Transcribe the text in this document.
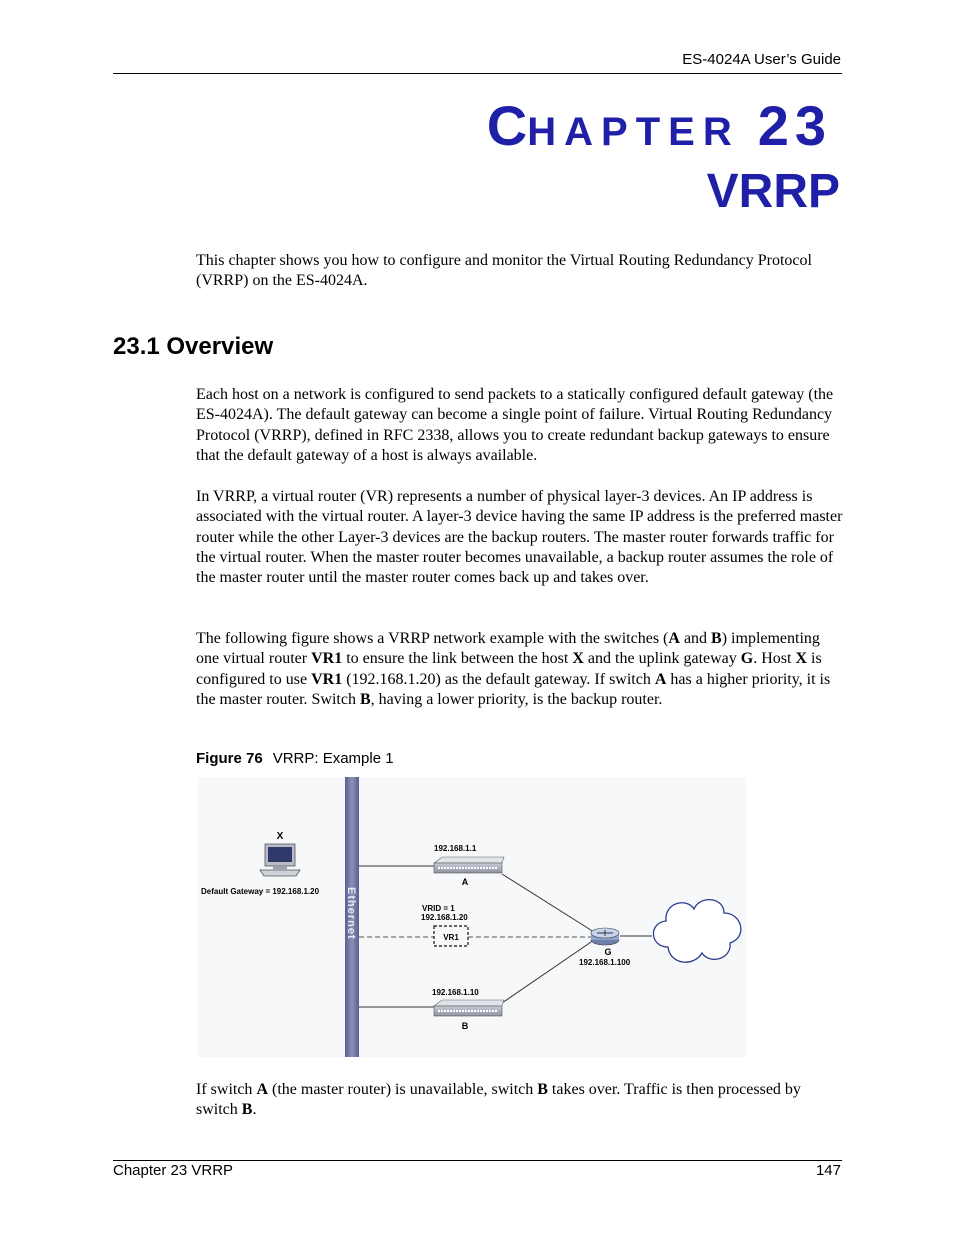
ES-4024A User’s Guide
CHAPTER 23
VRRP
This chapter shows you how to configure and monitor the Virtual Routing Redundancy Protocol (VRRP) on the ES-4024A.
23.1 Overview
Each host on a network is configured to send packets to a statically configured default gateway (the ES-4024A). The default gateway can become a single point of failure. Virtual Routing Redundancy Protocol (VRRP), defined in RFC 2338, allows you to create redundant backup gateways to ensure that the default gateway of a host is always available.
In VRRP, a virtual router (VR) represents a number of physical layer-3 devices. An IP address is associated with the virtual router. A layer-3 device having the same IP address is the preferred master router while the other Layer-3 devices are the backup routers. The master router forwards traffic for the virtual router. When the master router becomes unavailable, a backup router assumes the role of the master router until the master router comes back up and takes over.
The following figure shows a VRRP network example with the switches (A and B) implementing one virtual router VR1 to ensure the link between the host X and the uplink gateway G. Host X is configured to use VR1 (192.168.1.20) as the default gateway. If switch A has a higher priority, it is the master router. Switch B, having a lower priority, is the backup router.
Figure 76 VRRP: Example 1
Ethernet
X
Default Gateway = 192.168.1.20
192.168.1.1
A
VRID = 1
192.168.1.20
VR1
G
192.168.1.100
192.168.1.10
B
If switch A (the master router) is unavailable, switch B takes over. Traffic is then processed by switch B.
Chapter 23 VRRP	147
